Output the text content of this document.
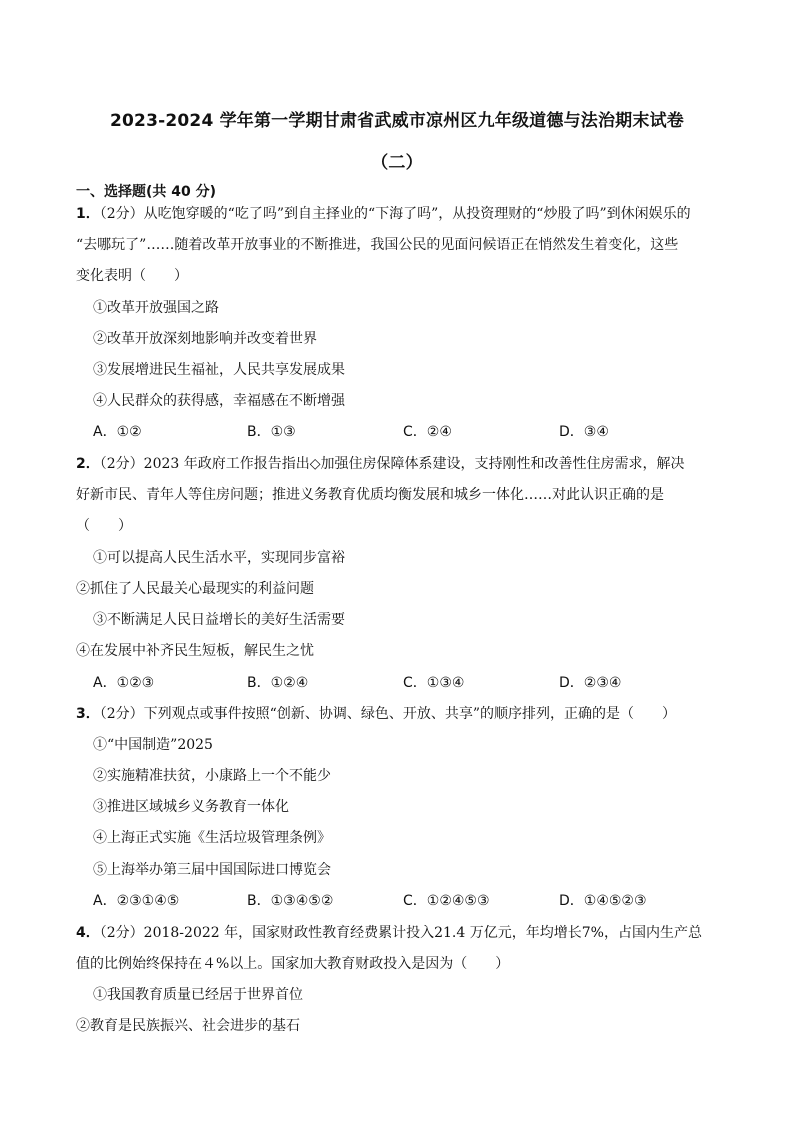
2023-2024 学年第一学期甘肃省武威市凉州区九年级道德与法治期末试卷
（二）
一、选择题(共 40 分)
1．（2分）从吃饱穿暖的“吃了吗”到自主择业的“下海了吗”，从投资理财的“炒股了吗”到休闲娱乐的
“去哪玩了”……随着改革开放事业的不断推进，我国公民的见面问候语正在悄然发生着变化，这些
变化表明（　　）
①改革开放强国之路
②改革开放深刻地影响并改变着世界
③发展增进民生福祉，人民共享发展成果
④人民群众的获得感，幸福感在不断增强
A．①②	B．①③	C．②④	D．③④
2．（2分）2023 年政府工作报告指出◇加强住房保障体系建设，支持刚性和改善性住房需求，解决
好新市民、青年人等住房问题；推进义务教育优质均衡发展和城乡一体化……对此认识正确的是
（　　）
①可以提高人民生活水平，实现同步富裕
②抓住了人民最关心最现实的利益问题
③不断满足人民日益增长的美好生活需要
④在发展中补齐民生短板，解民生之忧
A．①②③	B．①②④	C．①③④	D．②③④
3．（2分）下列观点或事件按照“创新、协调、绿色、开放、共享”的顺序排列，正确的是（　　）
①“中国制造”2025
②实施精准扶贫，小康路上一个不能少
③推进区域城乡义务教育一体化
④上海正式实施《生活垃圾管理条例》
⑤上海举办第三届中国国际进口博览会
A．②③①④⑤	B．①③④⑤②	C．①②④⑤③	D．①④⑤②③
4．（2分）2018-2022 年，国家财政性教育经费累计投入21.4 万亿元，年均增长7%，占国内生产总
值的比例始终保持在４%以上。国家加大教育财政投入是因为（　　）
①我国教育质量已经居于世界首位
②教育是民族振兴、社会进步的基石
